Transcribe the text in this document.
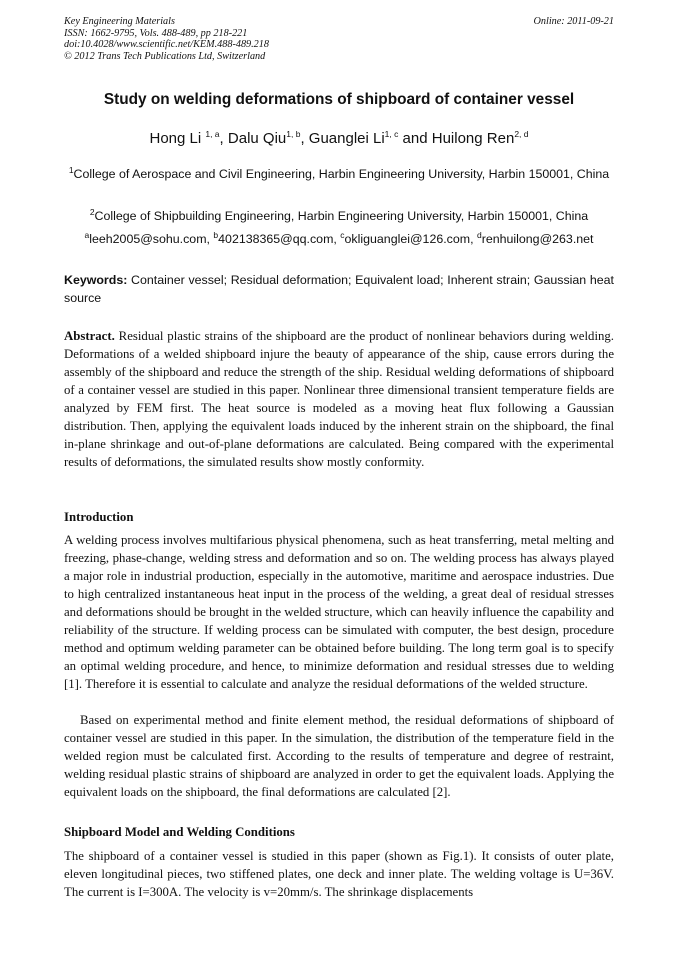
Key Engineering Materials
ISSN: 1662-9795, Vols. 488-489, pp 218-221
doi:10.4028/www.scientific.net/KEM.488-489.218
© 2012 Trans Tech Publications Ltd, Switzerland
Online: 2011-09-21
Study on welding deformations of shipboard of container vessel
Hong Li $^{1, a}$, Dalu Qiu$^{1, b}$, Guanglei Li$^{1, c}$ and Huilong Ren$^{2, d}$
$^1$College of Aerospace and Civil Engineering, Harbin Engineering University, Harbin 150001, China
$^2$College of Shipbuilding Engineering, Harbin Engineering University, Harbin 150001, China
$^a$leeh2005@sohu.com, $^b$402138365@qq.com, $^c$okliguanglei@126.com, $^d$renhuilong@263.net
Keywords: Container vessel; Residual deformation; Equivalent load; Inherent strain; Gaussian heat source
Abstract. Residual plastic strains of the shipboard are the product of nonlinear behaviors during welding. Deformations of a welded shipboard injure the beauty of appearance of the ship, cause errors during the assembly of the shipboard and reduce the strength of the ship. Residual welding deformations of shipboard of a container vessel are studied in this paper. Nonlinear three dimensional transient temperature fields are analyzed by FEM first. The heat source is modeled as a moving heat flux following a Gaussian distribution. Then, applying the equivalent loads induced by the inherent strain on the shipboard, the final in-plane shrinkage and out-of-plane deformations are calculated. Being compared with the experimental results of deformations, the simulated results show mostly conformity.
Introduction
A welding process involves multifarious physical phenomena, such as heat transferring, metal melting and freezing, phase-change, welding stress and deformation and so on. The welding process has always played a major role in industrial production, especially in the automotive, maritime and aerospace industries. Due to high centralized instantaneous heat input in the process of the welding, a great deal of residual stresses and deformations should be brought in the welded structure, which can heavily influence the capability and reliability of the structure. If welding process can be simulated with computer, the best design, procedure method and optimum welding parameter can be obtained before building. The long term goal is to specify an optimal welding procedure, and hence, to minimize deformation and residual stresses due to welding [1]. Therefore it is essential to calculate and analyze the residual deformations of the welded structure.
Based on experimental method and finite element method, the residual deformations of shipboard of container vessel are studied in this paper. In the simulation, the distribution of the temperature field in the welded region must be calculated first. According to the results of temperature and degree of restraint, welding residual plastic strains of shipboard are analyzed in order to get the equivalent loads. Applying the equivalent loads on the shipboard, the final deformations are calculated [2].
Shipboard Model and Welding Conditions
The shipboard of a container vessel is studied in this paper (shown as Fig.1). It consists of outer plate, eleven longitudinal pieces, two stiffened plates, one deck and inner plate. The welding voltage is U=36V. The current is I=300A. The velocity is v=20mm/s. The shrinkage displacements
